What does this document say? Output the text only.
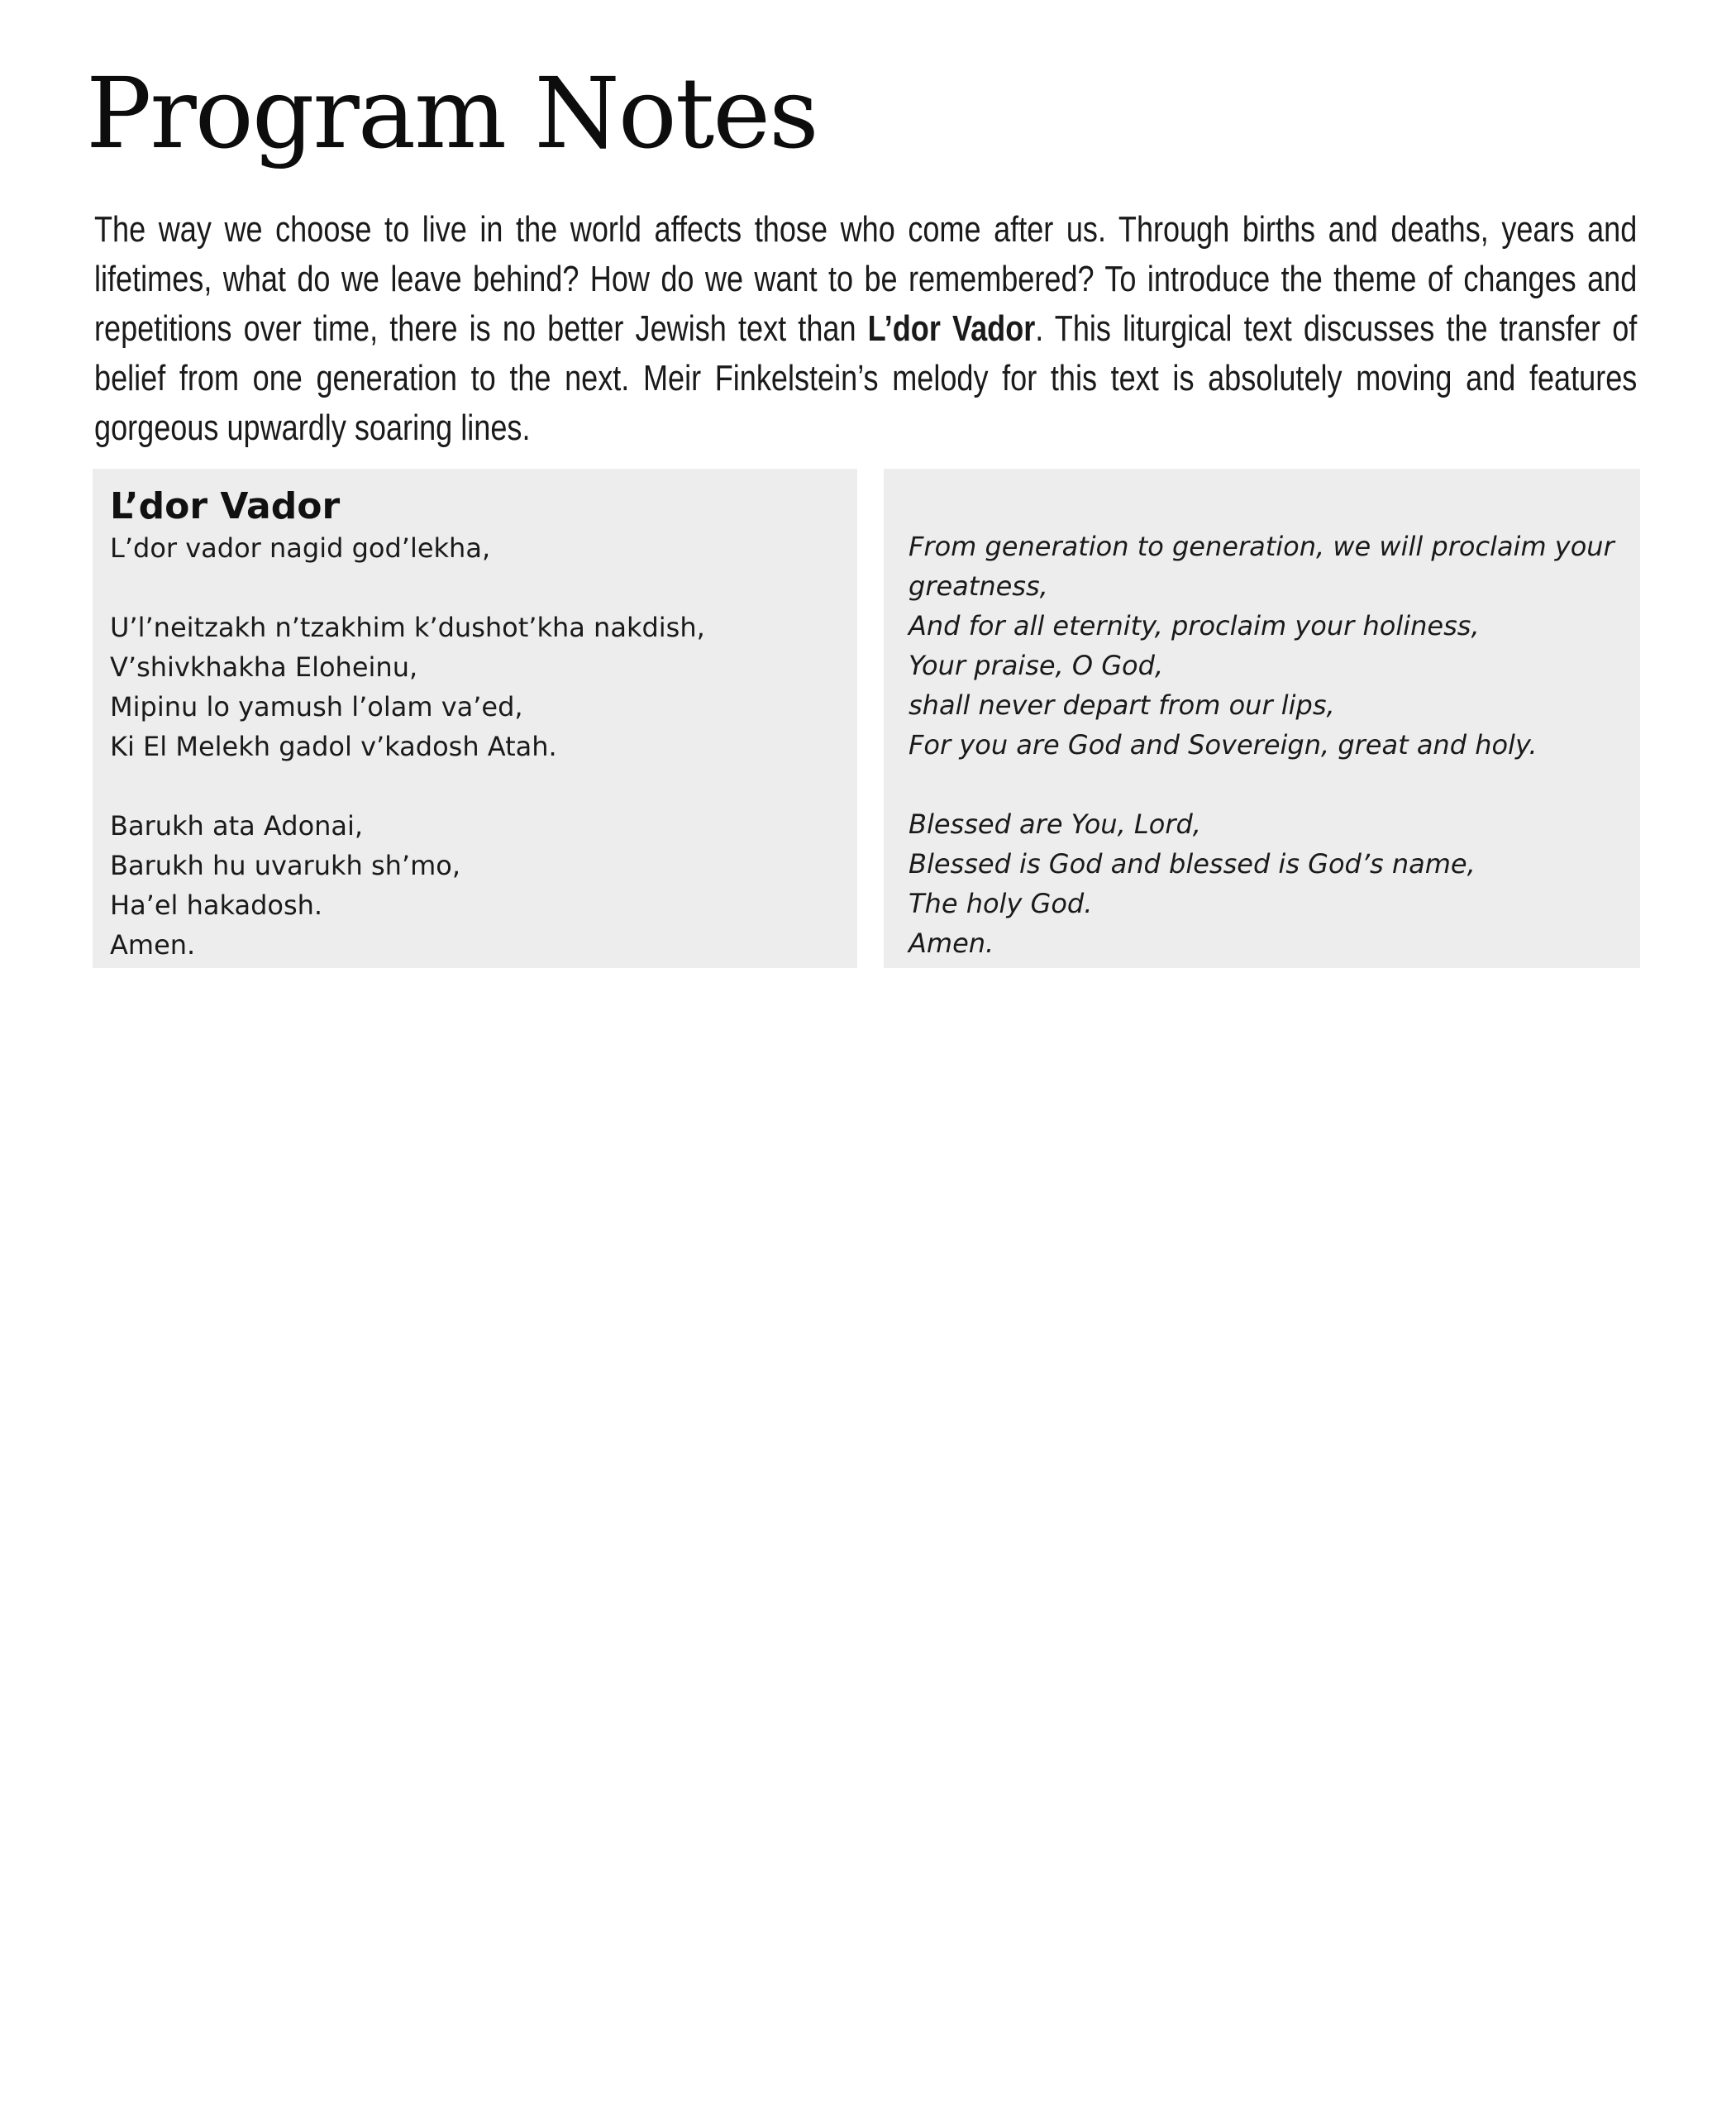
Program Notes

The way we choose to live in the world affects those who come after us. Through births and deaths, years and lifetimes, what do we leave behind? How do we want to be remembered? To introduce the theme of changes and repetitions over time, there is no better Jewish text than L’dor Vador. This liturgical text discusses the transfer of belief from one generation to the next. Meir Finkelstein’s melody for this text is absolutely moving and features gorgeous upwardly soaring lines.

L’dor Vador

L’dor vador nagid god’lekha,

U’l’neitzakh n’tzakhim k’dushot’kha nakdish,
V’shivkhakha Eloheinu,
Mipinu lo yamush l’olam va’ed,
Ki El Melekh gadol v’kadosh Atah.

Barukh ata Adonai,
Barukh hu uvarukh sh’mo,
Ha’el hakadosh.
Amen.

From generation to generation, we will proclaim your
greatness,
And for all eternity, proclaim your holiness,
Your praise, O God,
shall never depart from our lips,
For you are God and Sovereign, great and holy.

Blessed are You, Lord,
Blessed is God and blessed is God’s name,
The holy God.
Amen.
